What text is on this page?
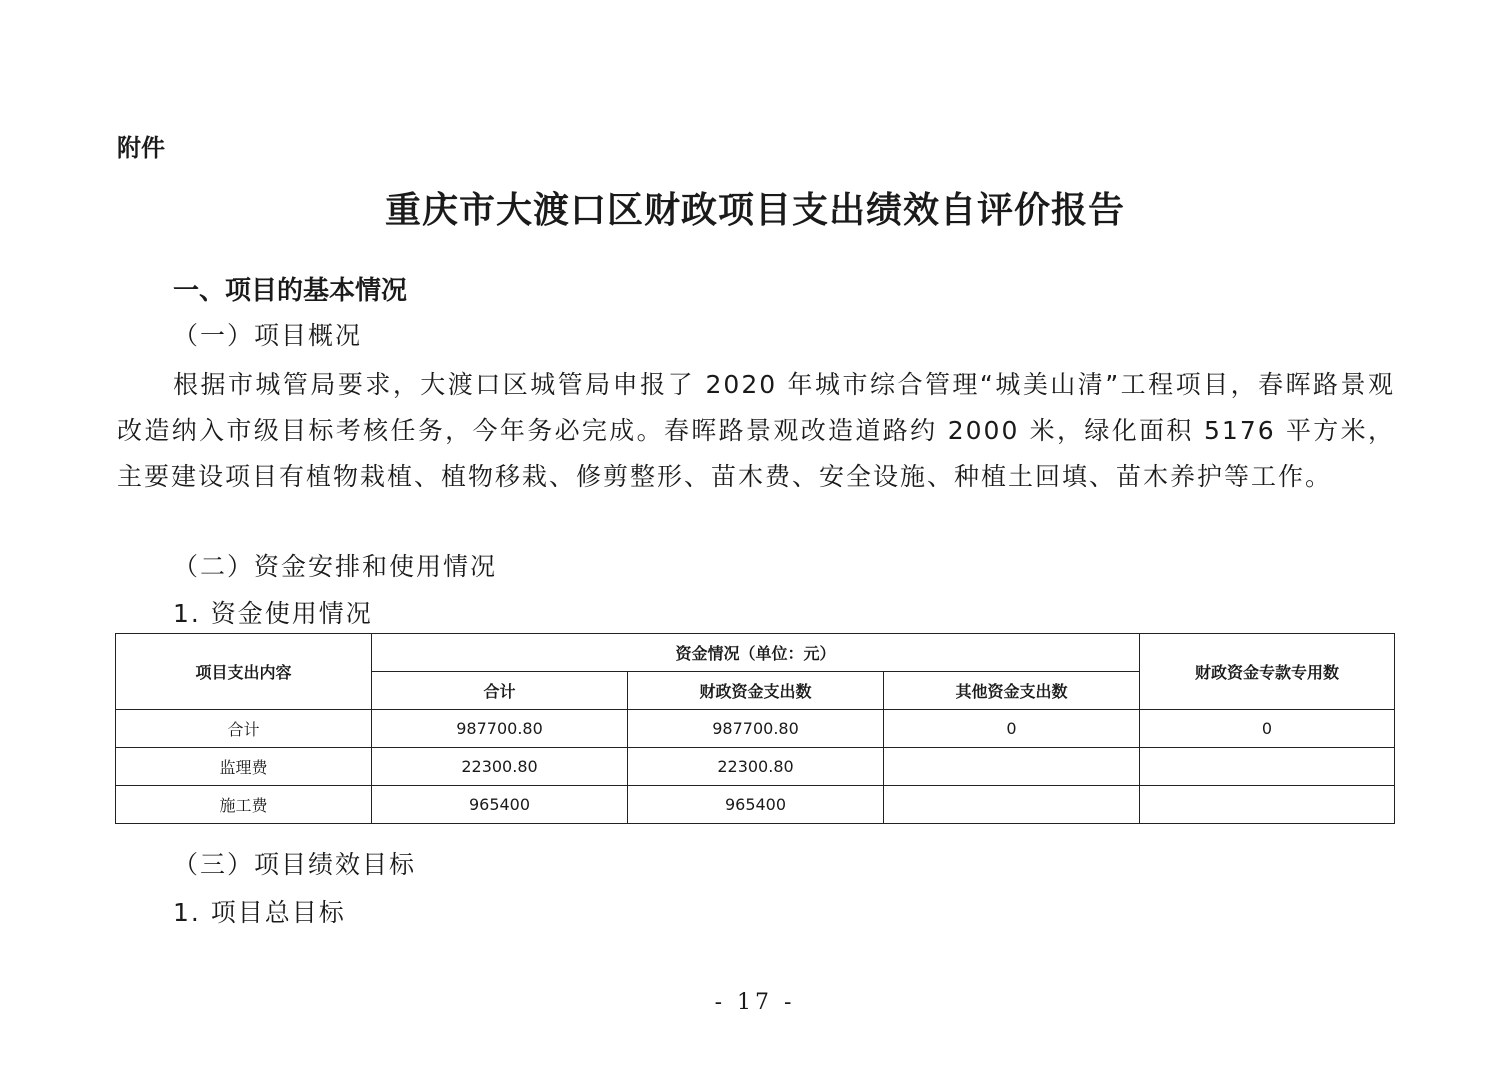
附件
重庆市大渡口区财政项目支出绩效自评价报告
一、项目的基本情况
（一）项目概况
根据市城管局要求，大渡口区城管局申报了 2020 年城市综合管理“城美山清”工程项目，春晖路景观改造纳入市级目标考核任务，今年务必完成。春晖路景观改造道路约 2000 米，绿化面积 5176 平方米，主要建设项目有植物栽植、植物移栽、修剪整形、苗木费、安全设施、种植土回填、苗木养护等工作。
（二）资金安排和使用情况
1. 资金使用情况
项目支出内容	资金情况（单位：元）			财政资金专款专用数
	合计	财政资金支出数	其他资金支出数	
合计	987700.80	987700.80	0	0
监理费	22300.80	22300.80		
施工费	965400	965400		
（三）项目绩效目标
1. 项目总目标
- 17 -
